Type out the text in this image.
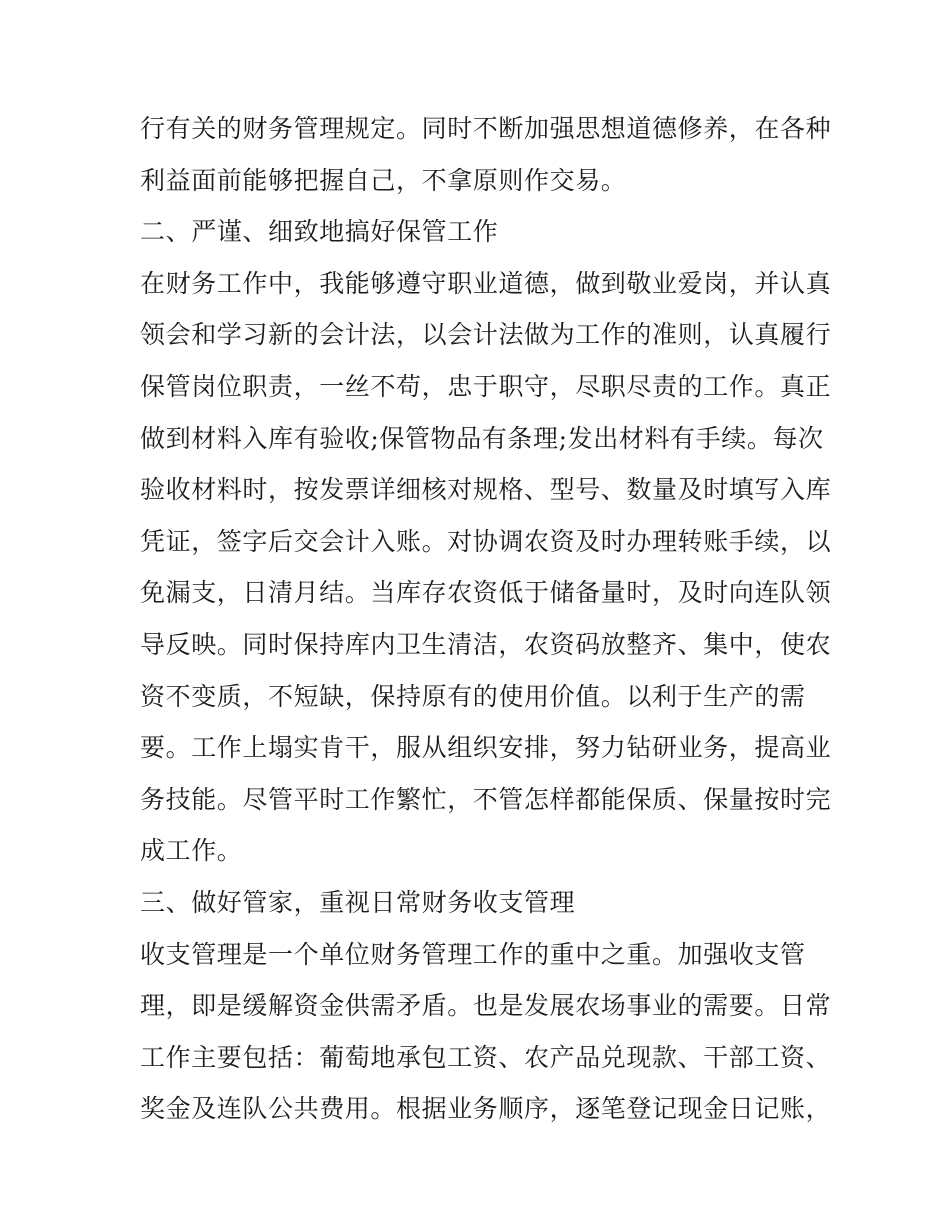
行有关的财务管理规定。同时不断加强思想道德修养，在各种
利益面前能够把握自己，不拿原则作交易。
二、严谨、细致地搞好保管工作
在财务工作中，我能够遵守职业道德，做到敬业爱岗，并认真
领会和学习新的会计法，以会计法做为工作的准则，认真履行
保管岗位职责，一丝不苟，忠于职守，尽职尽责的工作。真正
做到材料入库有验收;保管物品有条理;发出材料有手续。每次
验收材料时，按发票详细核对规格、型号、数量及时填写入库
凭证，签字后交会计入账。对协调农资及时办理转账手续，以
免漏支，日清月结。当库存农资低于储备量时，及时向连队领
导反映。同时保持库内卫生清洁，农资码放整齐、集中，使农
资不变质，不短缺，保持原有的使用价值。以利于生产的需
要。工作上塌实肯干，服从组织安排，努力钻研业务，提高业
务技能。尽管平时工作繁忙，不管怎样都能保质、保量按时完
成工作。
三、做好管家，重视日常财务收支管理
收支管理是一个单位财务管理工作的重中之重。加强收支管
理，即是缓解资金供需矛盾。也是发展农场事业的需要。日常
工作主要包括：葡萄地承包工资、农产品兑现款、干部工资、
奖金及连队公共费用。根据业务顺序，逐笔登记现金日记账，
